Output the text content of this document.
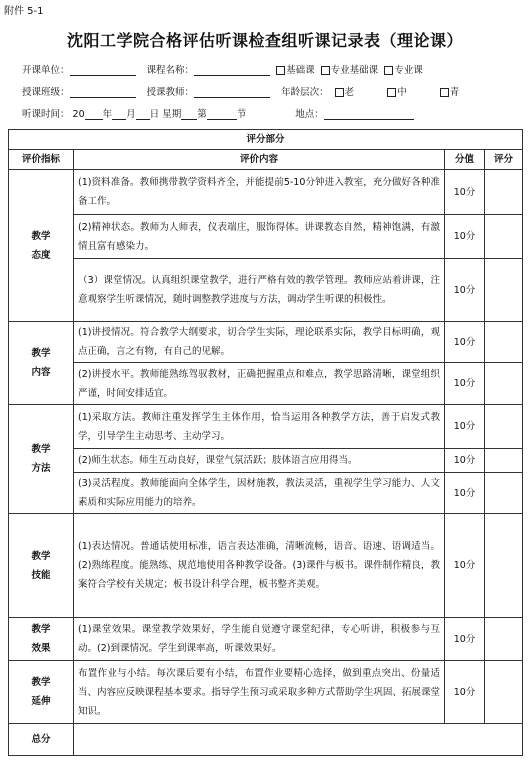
附件 5-1
沈阳工学院合格评估听课检查组听课记录表（理论课）
开课单位：	课程名称：	基础课 专业基础课 专业课
授课班级：	授课教师：	年龄层次： 老	中	青
听课时间： 20 年 月 日 星期 第	节	地点：
评分部分			
评价指标	评价内容	分值	评分
教学
态度	(1)资料准备。教师携带教学资料齐全，并能提前5-10分钟进入教室，充分做好各种准备工作。	10分	
	(2)精神状态。教师为人师表，仪表端庄，服饰得体。讲课教态自然，精神饱满，有激情且富有感染力。	10分	
	（3）课堂情况。认真组织课堂教学，进行严格有效的教学管理。教师应站着讲课，注意观察学生听课情况，随时调整教学进度与方法，调动学生听课的积极性。	10分	
教学
内容	(1)讲授情况。符合教学大纲要求，切合学生实际，理论联系实际，教学目标明确，观点正确，言之有物，有自己的见解。	10分	
	(2)讲授水平。教师能熟练驾驭教材，正确把握重点和难点，教学思路清晰，课堂组织严谨，时间安排适宜。	10分	
教学
方法	(1)采取方法。教师注重发挥学生主体作用，恰当运用各种教学方法，善于启发式教学，引导学生主动思考、主动学习。	10分	
	(2)师生状态。师生互动良好，课堂气氛活跃；肢体语言应用得当。	10分	
	(3)灵活程度。教师能面向全体学生，因材施教，教法灵活，重视学生学习能力、人文素质和实际应用能力的培养。	10分	
教学
技能	(1)表达情况。普通话使用标准，语言表达准确，清晰流畅，语音、语速、语调适当。(2)熟练程度。能熟练、规范地使用各种教学设备。(3)课件与板书。课件制作精良，教案符合学校有关规定；板书设计科学合理，板书整齐美观。	10分	
教学
效果	(1)课堂效果。课堂教学效果好，学生能自觉遵守课堂纪律，专心听讲，积极参与互动。(2)到课情况。学生到课率高，听课效果好。	10分	
教学
延伸	布置作业与小结。每次课后要有小结，布置作业要精心选择，做到重点突出、份量适当、内容应反映课程基本要求。指导学生预习或采取多种方式帮助学生巩固、拓展课堂知识。	10分	
总分			
